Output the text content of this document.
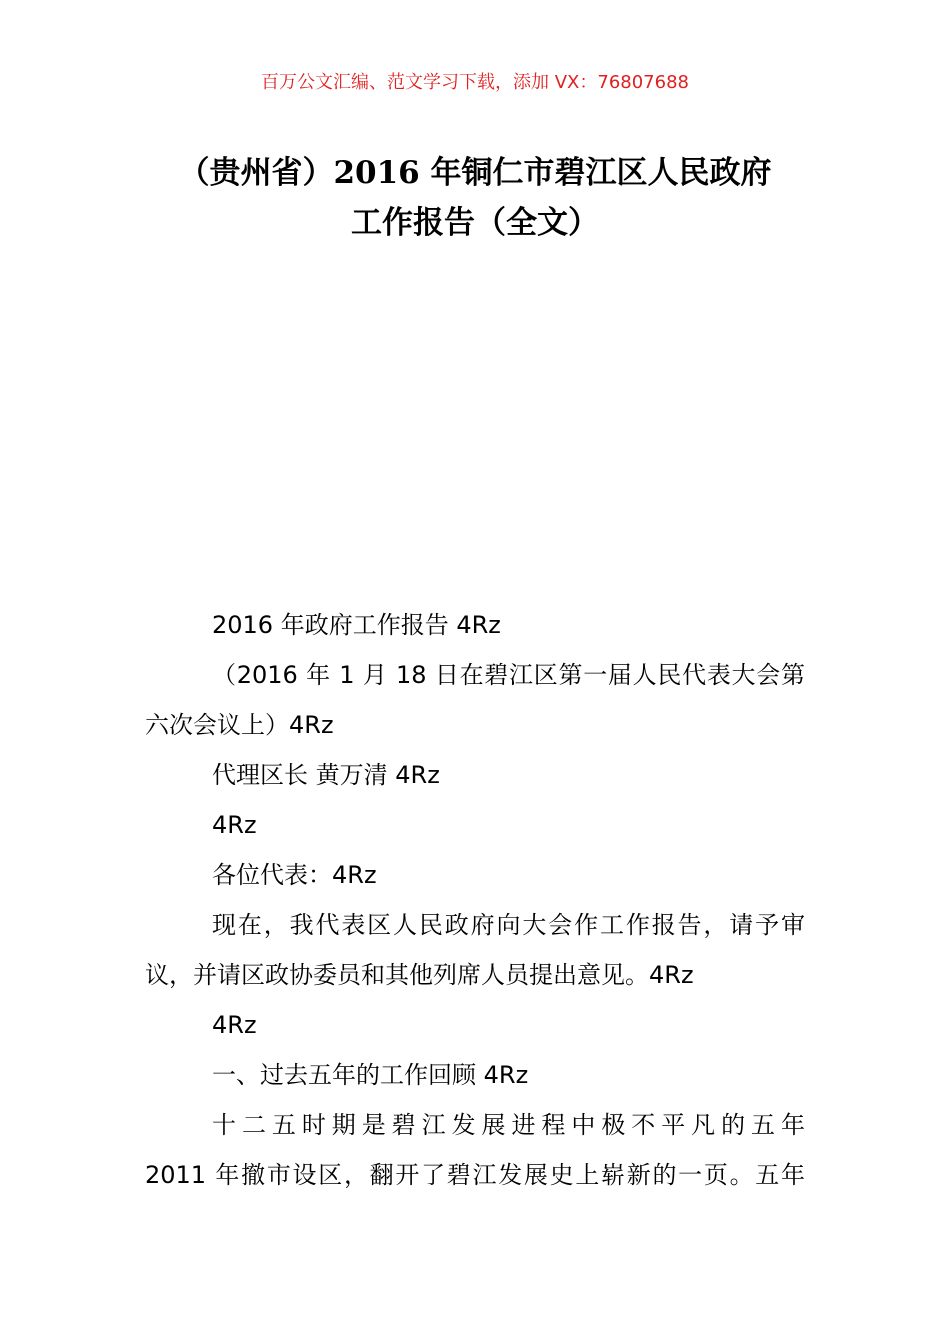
百万公文汇编、范文学习下载，添加 VX：76807688
（贵州省）2016 年铜仁市碧江区人民政府
工作报告（全文）

2016 年政府工作报告 4Rz

（2016 年 1 月 18 日在碧江区第一届人民代表大会第六次会议上）4Rz

代理区长 黄万清 4Rz

4Rz

各位代表：4Rz

现在，我代表区人民政府向大会作工作报告，请予审议，并请区政协委员和其他列席人员提出意见。4Rz

4Rz

一、过去五年的工作回顾 4Rz

十二五时期是碧江发展进程中极不平凡的五年

2011 年撤市设区，翻开了碧江发展史上崭新的一页。五年
